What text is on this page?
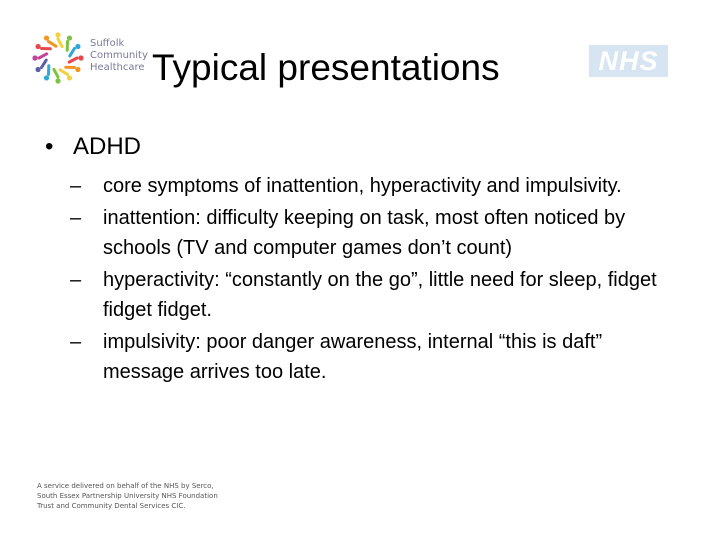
Suffolk
Community
Healthcare Typical presentations	NHS
• ADHD
– core symptoms of inattention, hyperactivity and impulsivity.
– inattention: difficulty keeping on task, most often noticed by schools (TV and computer games don’t count)
– hyperactivity: “constantly on the go”, little need for sleep, fidget fidget fidget.
– impulsivity: poor danger awareness, internal “this is daft” message arrives too late.
A service delivered on behalf of the NHS by Serco,
South Essex Partnership University NHS Foundation
Trust and Community Dental Services CIC.
